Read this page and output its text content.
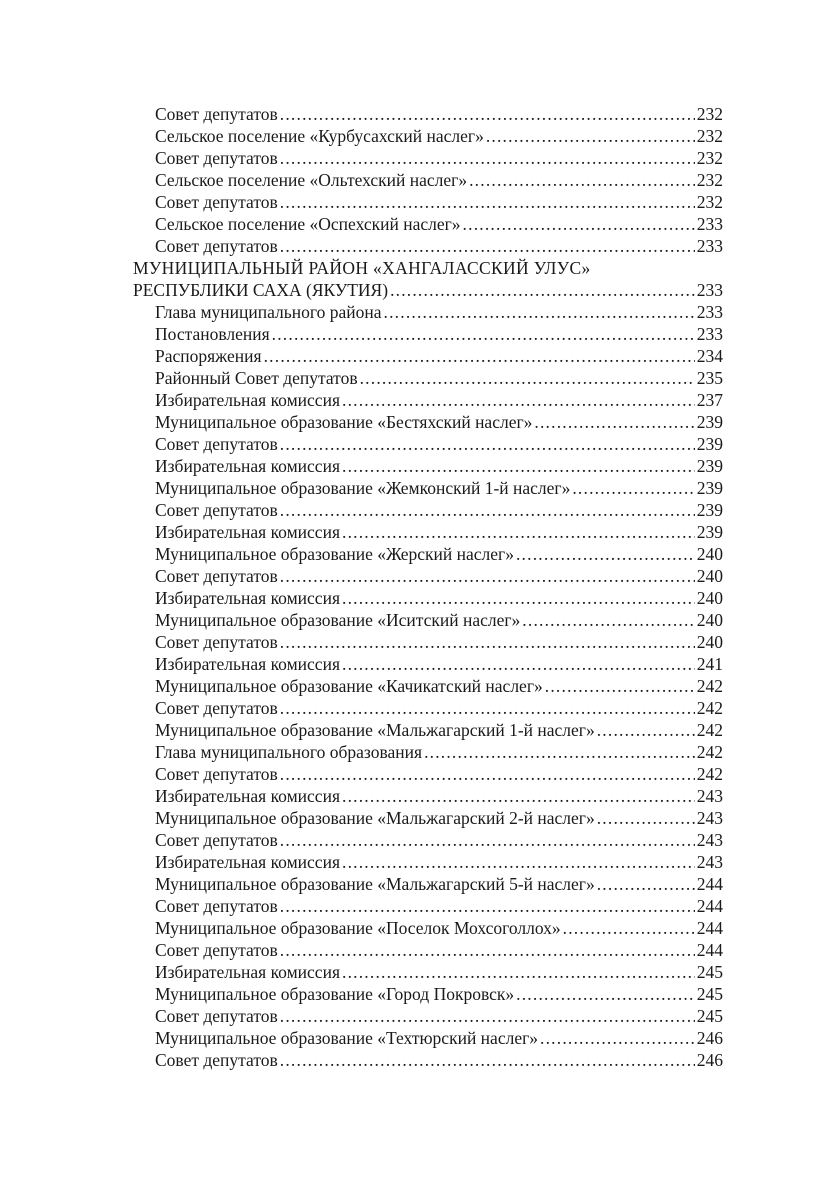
Совет депутатов .....	232
Сельское поселение «Курбусахский наслег» .....	232
Совет депутатов .....	232
Сельское поселение «Ольтехский наслег» .....	232
Совет депутатов .....	232
Сельское поселение «Оспехский наслег» .....	233
Совет депутатов .....	233
МУНИЦИПАЛЬНЫЙ РАЙОН «ХАНГАЛАССКИЙ УЛУС»
РЕСПУБЛИКИ САХА (ЯКУТИЯ) .....	233
Глава муниципального района .....	233
Постановления .....	233
Распоряжения .....	234
Районный Совет депутатов .....	235
Избирательная комиссия .....	237
Муниципальное образование «Бестяхский наслег» .....	239
Совет депутатов .....	239
Избирательная комиссия .....	239
Муниципальное образование «Жемконский 1-й наслег» .....	239
Совет депутатов .....	239
Избирательная комиссия .....	239
Муниципальное образование «Жерский наслег» .....	240
Совет депутатов .....	240
Избирательная комиссия .....	240
Муниципальное образование «Иситский наслег» .....	240
Совет депутатов .....	240
Избирательная комиссия .....	241
Муниципальное образование «Качикатский наслег» .....	242
Совет депутатов .....	242
Муниципальное образование «Мальжагарский 1-й наслег» .....	242
Глава муниципального образования .....	242
Совет депутатов .....	242
Избирательная комиссия .....	243
Муниципальное образование «Мальжагарский 2-й наслег» .....	243
Совет депутатов .....	243
Избирательная комиссия .....	243
Муниципальное образование «Мальжагарский 5-й наслег» .....	244
Совет депутатов .....	244
Муниципальное образование «Поселок Мохсоголлох» .....	244
Совет депутатов .....	244
Избирательная комиссия .....	245
Муниципальное образование «Город Покровск» .....	245
Совет депутатов .....	245
Муниципальное образование «Техтюрский наслег» .....	246
Совет депутатов .....	246
